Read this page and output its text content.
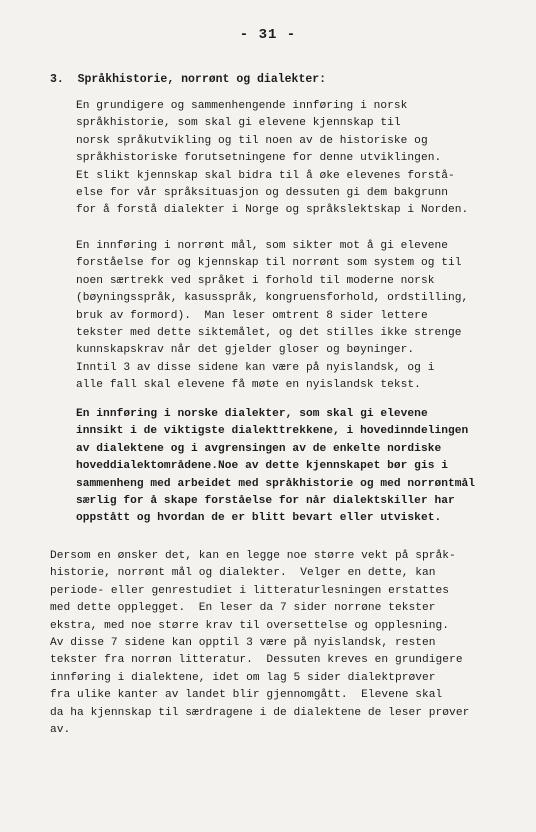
- 31 -
3.  Språkhistorie, norrønt og dialekter:
En grundigere og sammenhengende innføring i norsk
språkhistorie, som skal gi elevene kjennskap til
norsk språkutvikling og til noen av de historiske og
språkhistoriske forutsetningene for denne utviklingen.
Et slikt kjennskap skal bidra til å øke elevenes forstå-
else for vår språksituasjon og dessuten gi dem bakgrunn
for å forstå dialekter i Norge og språkslektskap i Norden.
En innføring i norrønt mål, som sikter mot å gi elevene
forståelse for og kjennskap til norrønt som system og til
noen særtrekk ved språket i forhold til moderne norsk
(bøyningsspråk, kasusspråk, kongruensforhold, ordstilling,
bruk av formord).  Man leser omtrent 8 sider lettere
tekster med dette siktemålet, og det stilles ikke strenge
kunnskapskrav når det gjelder gloser og bøyninger.
Inntil 3 av disse sidene kan være på nyislandsk, og i
alle fall skal elevene få møte en nyislandsk tekst.
En innføring i norske dialekter, som skal gi elevene
innsikt i de viktigste dialekttrekkene, i hovedinndelingen
av dialektene og i avgrensingen av de enkelte nordiske
hoveddialektområdene.Noe av dette kjennskapet bør gis i
sammenheng med arbeidet med språkhistorie og med norrøntmål
særlig for å skape forståelse for når dialektskiller har
oppstått og hvordan de er blitt bevart eller utvisket.
Dersom en ønsker det, kan en legge noe større vekt på språk-
historie, norrønt mål og dialekter.  Velger en dette, kan
periode- eller genrestudiet i litteraturlesningen erstattes
med dette opplegget.  En leser da 7 sider norrøne tekster
ekstra, med noe større krav til oversettelse og opplesning.
Av disse 7 sidene kan opptil 3 være på nyislandsk, resten
tekster fra norrøn litteratur.  Dessuten kreves en grundigere
innføring i dialektene, idet om lag 5 sider dialektprøver
fra ulike kanter av landet blir gjennomgått.  Elevene skal
da ha kjennskap til særdragene i de dialektene de leser prøver
av.
